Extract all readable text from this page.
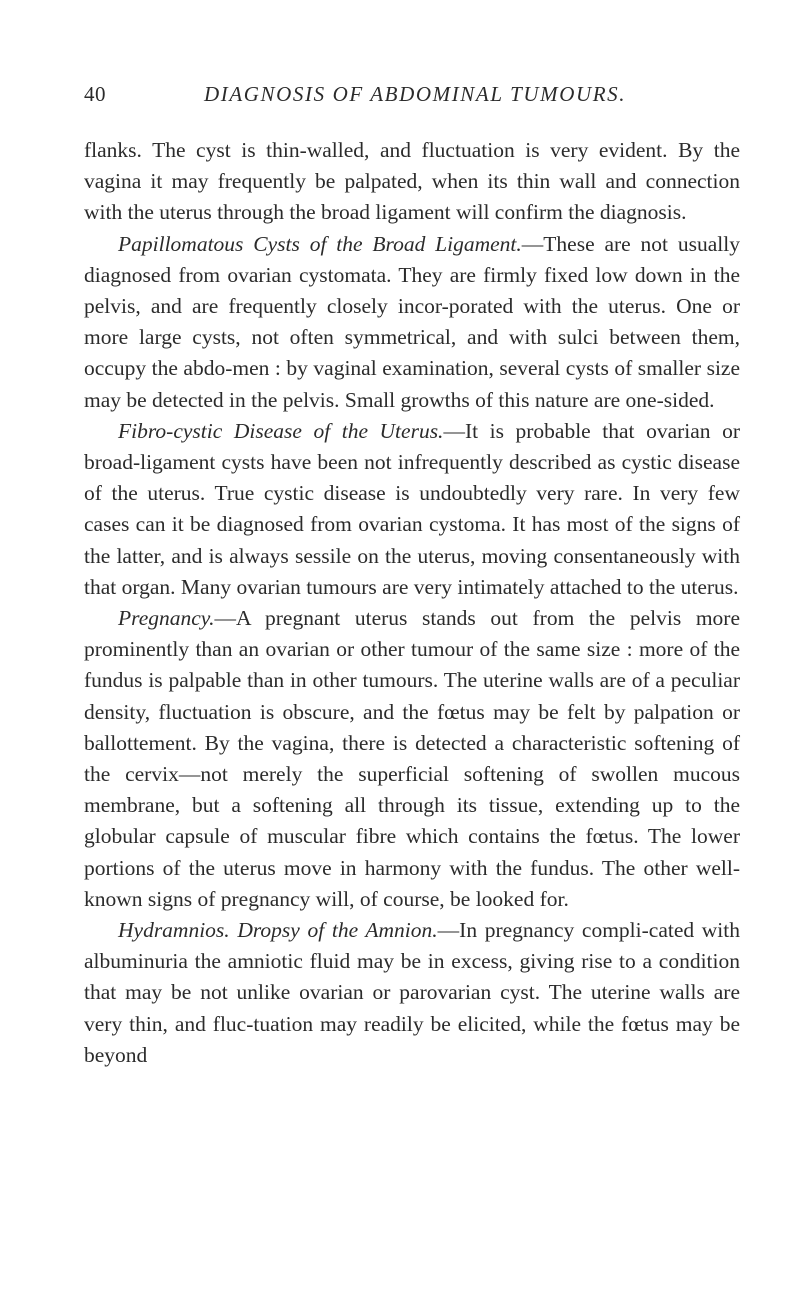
40	DIAGNOSIS OF ABDOMINAL TUMOURS.

flanks. The cyst is thin-walled, and fluctuation is very evident. By the vagina it may frequently be palpated, when its thin wall and connection with the uterus through the broad ligament will confirm the diagnosis.

Papillomatous Cysts of the Broad Ligament.—These are not usually diagnosed from ovarian cystomata. They are firmly fixed low down in the pelvis, and are frequently closely incor-porated with the uterus. One or more large cysts, not often symmetrical, and with sulci between them, occupy the abdo-men : by vaginal examination, several cysts of smaller size may be detected in the pelvis. Small growths of this nature are one-sided.

Fibro-cystic Disease of the Uterus.—It is probable that ovarian or broad-ligament cysts have been not infrequently described as cystic disease of the uterus. True cystic disease is undoubtedly very rare. In very few cases can it be diagnosed from ovarian cystoma. It has most of the signs of the latter, and is always sessile on the uterus, moving consentaneously with that organ. Many ovarian tumours are very intimately attached to the uterus.

Pregnancy.—A pregnant uterus stands out from the pelvis more prominently than an ovarian or other tumour of the same size : more of the fundus is palpable than in other tumours. The uterine walls are of a peculiar density, fluctuation is obscure, and the fœtus may be felt by palpation or ballottement. By the vagina, there is detected a characteristic softening of the cervix—not merely the superficial softening of swollen mucous membrane, but a softening all through its tissue, extending up to the globular capsule of muscular fibre which contains the fœtus. The lower portions of the uterus move in harmony with the fundus. The other well-known signs of pregnancy will, of course, be looked for.

Hydramnios. Dropsy of the Amnion.—In pregnancy compli-cated with albuminuria the amniotic fluid may be in excess, giving rise to a condition that may be not unlike ovarian or parovarian cyst. The uterine walls are very thin, and fluc-tuation may readily be elicited, while the fœtus may be beyond
